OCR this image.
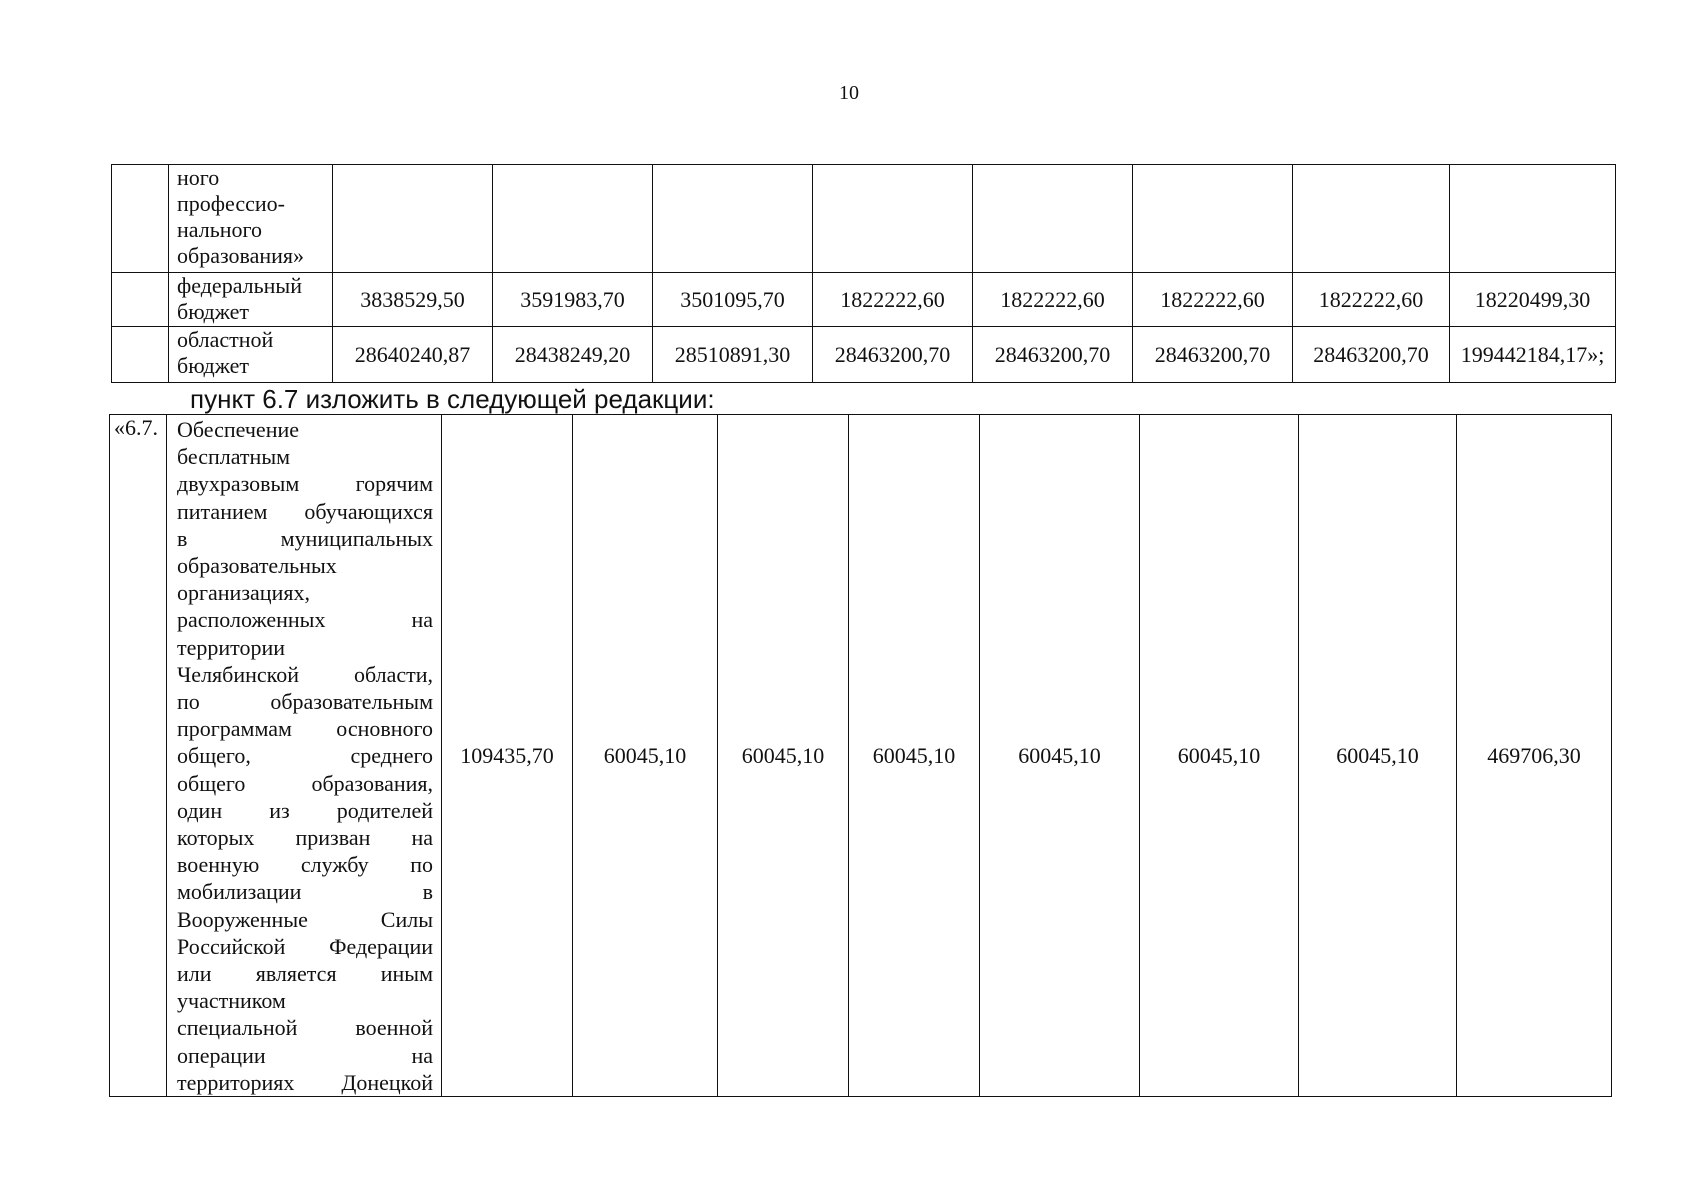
10

	ного
профессио-
нального
образования»								

	федеральный
бюджет	3838529,50	3591983,70	3501095,70	1822222,60	1822222,60	1822222,60	1822222,60	18220499,30

	областной
бюджет	28640240,87	28438249,20	28510891,30	28463200,70	28463200,70	28463200,70	28463200,70	199442184,17»;
пункт 6.7 изложить в следующей редакции:
«6.7.	Обеспечение
бесплатным
двухразовым горячим
питанием обучающихся
в муниципальных
образовательных
организациях,
расположенных на
территории
Челябинской области,
по образовательным
программам основного
общего, среднего
общего образования,
один из родителей
которых призван на
военную службу по
мобилизации в
Вооруженные Силы
Российской Федерации
или является иным
участником
специальной военной
операции на
территориях Донецкой
	109435,70	60045,10	60045,10	60045,10	60045,10	60045,10	60045,10	469706,30
